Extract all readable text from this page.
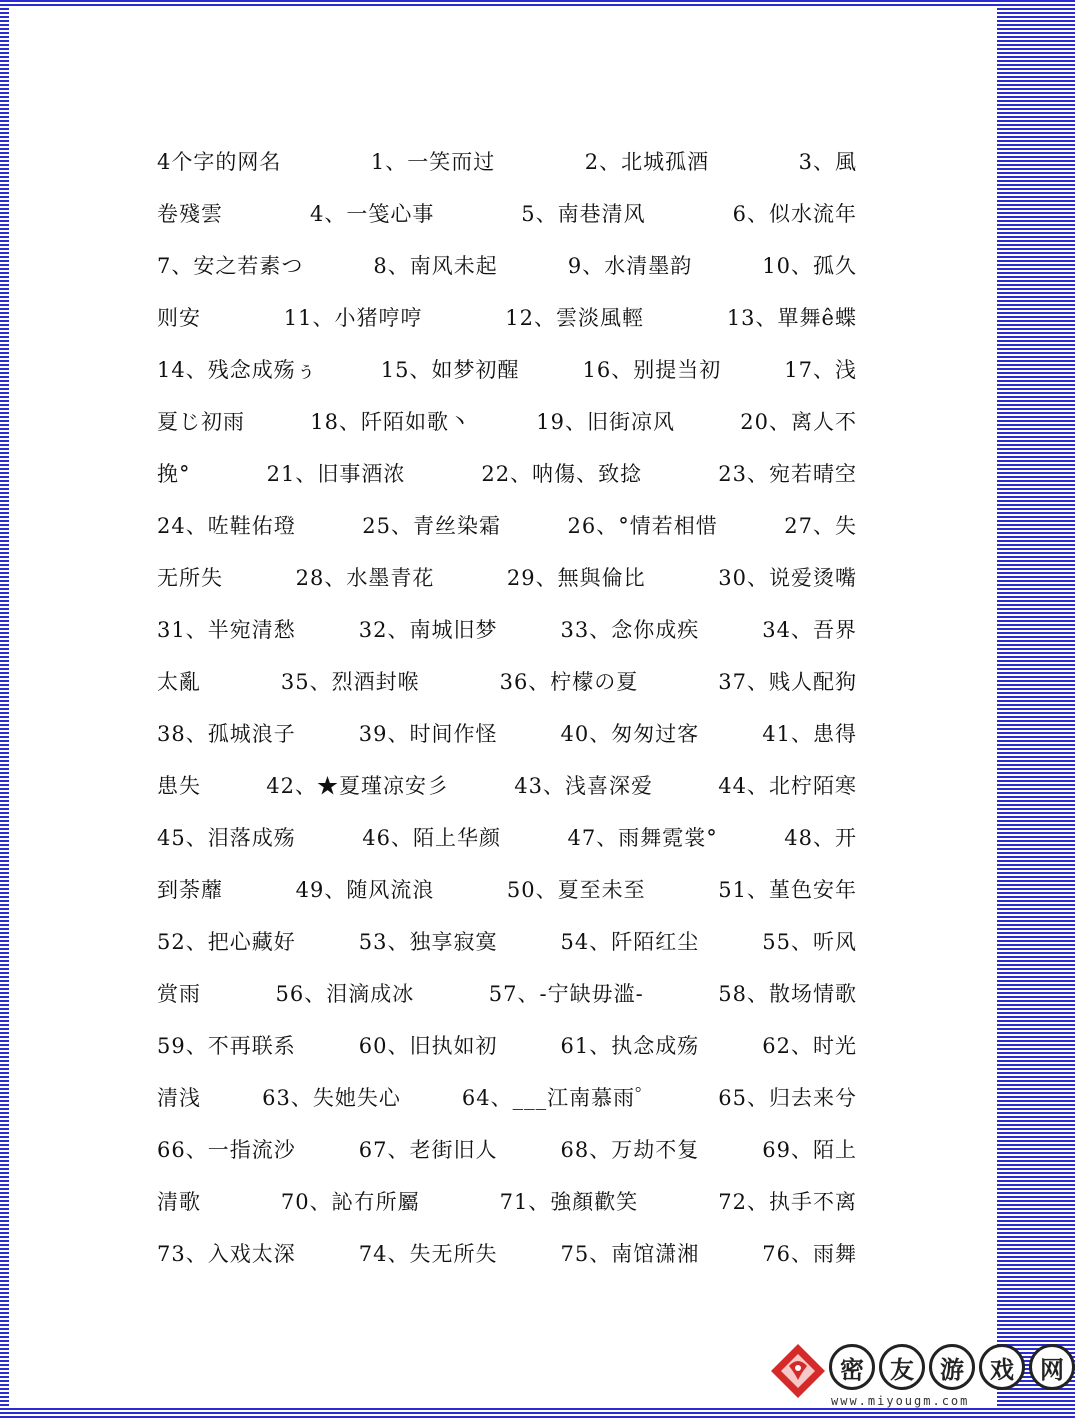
4个字的网名	1、一笑而过	2、北城孤酒	3、風
卷殘雲	4、一笺心事	5、南巷清风	6、似水流年
7、安之若素つ	8、南风未起	9、水清墨韵	10、孤久
则安	11、小猪哼哼	12、雲淡風輕	13、單舞ê蝶
14、残念成殇ぅ	15、如梦初醒	16、别提当初	17、浅
夏じ初雨	18、阡陌如歌丶	19、旧街凉风	20、离人不
挽°	21、旧事酒浓	22、呐傷、致捻	23、宛若晴空
24、咗鞋佑璒	25、青丝染霜	26、°情若相惜	27、失
无所失	28、水墨青花	29、無與倫比	30、说爱烫嘴
31、半宛清愁	32、南城旧梦	33、念你成疾	34、吾界
太亂	35、烈酒封喉	36、柠檬の夏	37、贱人配狗
38、孤城浪子	39、时间作怪	40、匆匆过客	41、患得
患失	42、★夏瑾凉安彡	43、浅喜深爱	44、北柠陌寒
45、泪落成殇	46、陌上华颜	47、雨舞霓裳°	48、开
到荼蘼	49、随风流浪	50、夏至未至	51、堇色安年
52、把心藏好	53、独享寂寞	54、阡陌红尘	55、听风
赏雨	56、泪滴成冰	57、-宁缺毋滥-	58、散场情歌
59、不再联系	60、旧执如初	61、执念成殇	62、时光
清浅	63、失她失心	64、___江南慕雨゜	65、归去来兮
66、一指流沙	67、老街旧人	68、万劫不复	69、陌上
清歌	70、訫冇所屬	71、強顏歡笑	72、执手不离
73、入戏太深	74、失无所失	75、南馆潇湘	76、雨舞
密	友	游	戏	网
www.miyougm.com
